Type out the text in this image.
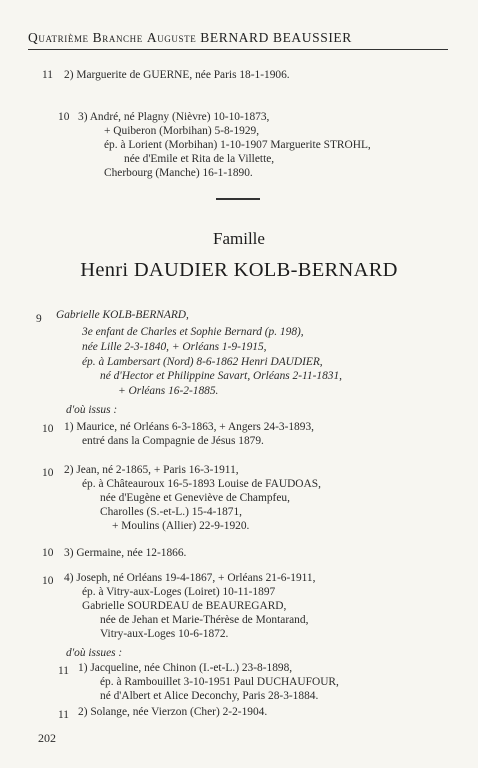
Quatrième Branche Auguste BERNARD BEAUSSIER
11 2) Marguerite de GUERNE, née Paris 18-1-1906.
10 3) André, né Plagny (Nièvre) 10-10-1873,
+ Quiberon (Morbihan) 5-8-1929,
ép. à Lorient (Morbihan) 1-10-1907 Marguerite STROHL,
née d'Emile et Rita de la Villette,
Cherbourg (Manche) 16-1-1890.
Famille
Henri DAUDIER KOLB-BERNARD
9 Gabrielle KOLB-BERNARD,
3e enfant de Charles et Sophie Bernard (p. 198),
née Lille 2-3-1840, + Orléans 1-9-1915,
ép. à Lambersart (Nord) 8-6-1862 Henri DAUDIER,
né d'Hector et Philippine Savart, Orléans 2-11-1831,
+ Orléans 16-2-1885.
d'où issus :
10 1) Maurice, né Orléans 6-3-1863, + Angers 24-3-1893,
entré dans la Compagnie de Jésus 1879.
10 2) Jean, né 2-1865, + Paris 16-3-1911,
ép. à Châteauroux 16-5-1893 Louise de FAUDOAS,
née d'Eugène et Geneviève de Champfeu,
Charolles (S.-et-L.) 15-4-1871,
+ Moulins (Allier) 22-9-1920.
10 3) Germaine, née 12-1866.
10 4) Joseph, né Orléans 19-4-1867, + Orléans 21-6-1911,
ép. à Vitry-aux-Loges (Loiret) 10-11-1897
Gabrielle SOURDEAU de BEAUREGARD,
née de Jehan et Marie-Thérèse de Montarand,
Vitry-aux-Loges 10-6-1872.
d'où issues :
11 1) Jacqueline, née Chinon (I.-et-L.) 23-8-1898,
ép. à Rambouillet 3-10-1951 Paul DUCHAUFOUR,
né d'Albert et Alice Deconchy, Paris 28-3-1884.
11 2) Solange, née Vierzon (Cher) 2-2-1904.
202
